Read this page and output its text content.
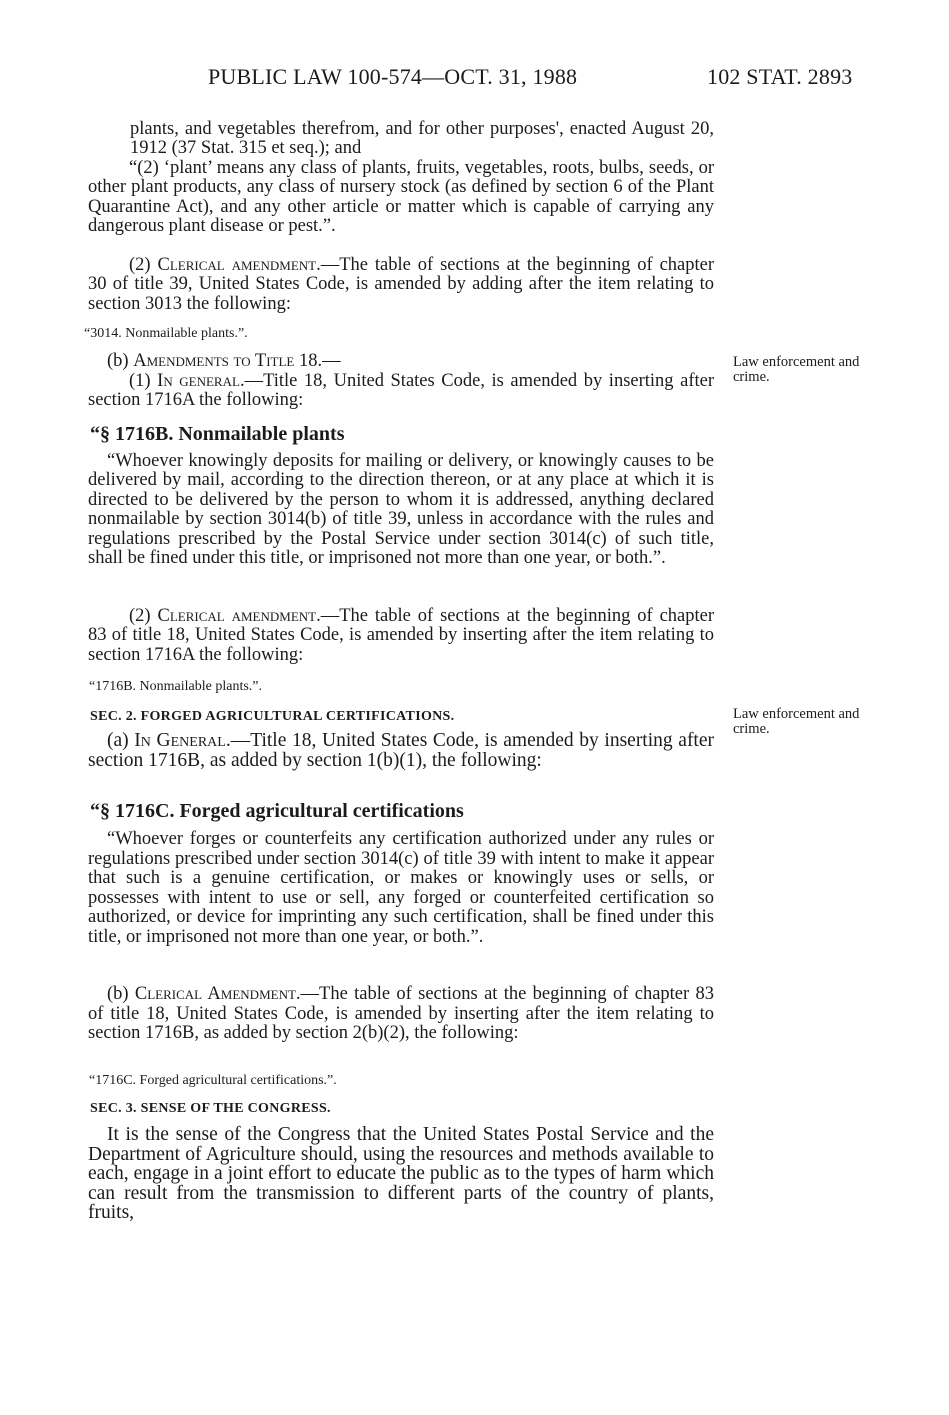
PUBLIC LAW 100-574—OCT. 31, 1988	102 STAT. 2893
plants, and vegetables therefrom, and for other purposes', enacted August 20, 1912 (37 Stat. 315 et seq.); and
“(2) ‘plant’ means any class of plants, fruits, vegetables, roots, bulbs, seeds, or other plant products, any class of nursery stock (as defined by section 6 of the Plant Quarantine Act), and any other article or matter which is capable of carrying any dangerous plant disease or pest.”.
(2) Clerical amendment.—The table of sections at the beginning of chapter 30 of title 39, United States Code, is amended by adding after the item relating to section 3013 the following:
“3014. Nonmailable plants.”.
(b) Amendments to Title 18.—
(1) In general.—Title 18, United States Code, is amended by inserting after section 1716A the following:
“§ 1716B. Nonmailable plants
“Whoever knowingly deposits for mailing or delivery, or knowingly causes to be delivered by mail, according to the direction thereon, or at any place at which it is directed to be delivered by the person to whom it is addressed, anything declared nonmailable by section 3014(b) of title 39, unless in accordance with the rules and regulations prescribed by the Postal Service under section 3014(c) of such title, shall be fined under this title, or imprisoned not more than one year, or both.”.
(2) Clerical amendment.—The table of sections at the beginning of chapter 83 of title 18, United States Code, is amended by inserting after the item relating to section 1716A the following:
“1716B. Nonmailable plants.”.
SEC. 2. FORGED AGRICULTURAL CERTIFICATIONS.
(a) In General.—Title 18, United States Code, is amended by inserting after section 1716B, as added by section 1(b)(1), the following:
“§ 1716C. Forged agricultural certifications
“Whoever forges or counterfeits any certification authorized under any rules or regulations prescribed under section 3014(c) of title 39 with intent to make it appear that such is a genuine certification, or makes or knowingly uses or sells, or possesses with intent to use or sell, any forged or counterfeited certification so authorized, or device for imprinting any such certification, shall be fined under this title, or imprisoned not more than one year, or both.”.
(b) Clerical Amendment.—The table of sections at the beginning of chapter 83 of title 18, United States Code, is amended by inserting after the item relating to section 1716B, as added by section 2(b)(2), the following:
“1716C. Forged agricultural certifications.”.
SEC. 3. SENSE OF THE CONGRESS.
It is the sense of the Congress that the United States Postal Service and the Department of Agriculture should, using the resources and methods available to each, engage in a joint effort to educate the public as to the types of harm which can result from the transmission to different parts of the country of plants, fruits,
Law enforcement and crime.
Law enforcement and crime.
